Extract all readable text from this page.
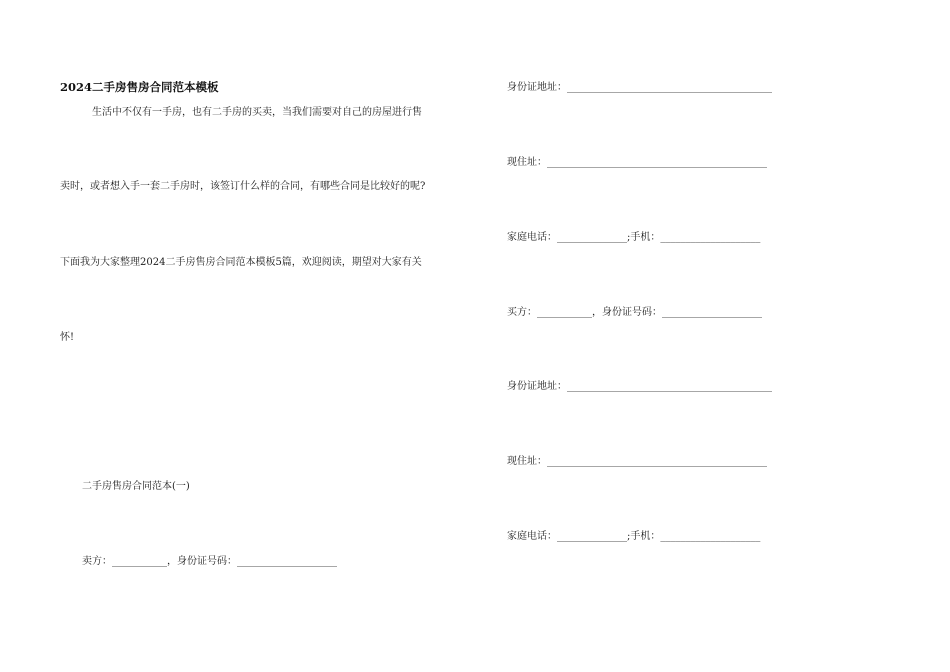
2024二手房售房合同范本模板
生活中不仅有一手房，也有二手房的买卖，当我们需要对自己的房屋进行售
卖时，或者想入手一套二手房时，该签订什么样的合同，有哪些合同是比较好的呢?
下面我为大家整理2024二手房售房合同范本模板5篇，欢迎阅读，期望对大家有关
怀!
二手房售房合同范本(一)
卖方：___________，身份证号码：____________________
身份证地址：_________________________________________
现住址：____________________________________________
家庭电话：______________;手机：____________________
买方：___________，身份证号码：____________________
身份证地址：_________________________________________
现住址：____________________________________________
家庭电话：______________;手机：____________________
